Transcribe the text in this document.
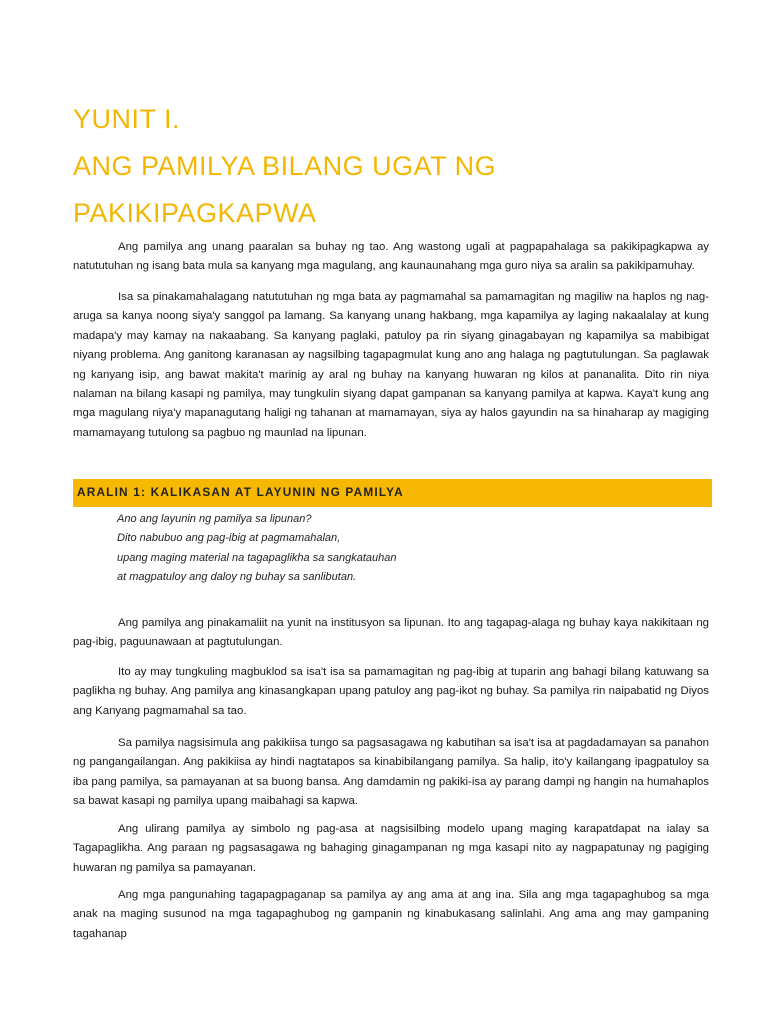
YUNIT I.
ANG PAMILYA BILANG UGAT NG
PAKIKIPAGKAPWA

Ang pamilya ang unang paaralan sa buhay ng tao. Ang wastong ugali at pagpapahalaga sa pakikipagkapwa ay natututuhan ng isang bata mula sa kanyang mga magulang, ang kaunaunahang mga guro niya sa aralin sa pakikipamuhay.

Isa sa pinakamahalagang natututuhan ng mga bata ay pagmamahal sa pamamagitan ng magiliw na haplos ng nag-aruga sa kanya noong siya'y sanggol pa lamang. Sa kanyang unang hakbang, mga kapamilya ay laging nakaalalay at kung madapa'y may kamay na nakaabang. Sa kanyang paglaki, patuloy pa rin siyang ginagabayan ng kapamilya sa mabibigat niyang problema. Ang ganitong karanasan ay nagsilbing tagapagmulat kung ano ang halaga ng pagtutulungan. Sa paglawak ng kanyang isip, ang bawat makita't marinig ay aral ng buhay na kanyang huwaran ng kilos at pananalita. Dito rin niya nalaman na bilang kasapi ng pamilya, may tungkulin siyang dapat gampanan sa kanyang pamilya at kapwa. Kaya't kung ang mga magulang niya'y mapanagutang haligi ng tahanan at mamamayan, siya ay halos gayundin na sa hinaharap ay magiging mamamayang tutulong sa pagbuo ng maunlad na lipunan.

ARALIN 1: KALIKASAN AT LAYUNIN NG PAMILYA
Ano ang layunin ng pamilya sa lipunan?
Dito nabubuo ang pag-ibig at pagmamahalan,
upang maging material na tagapaglikha sa sangkatauhan
at magpatuloy ang daloy ng buhay sa sanlibutan.

Ang pamilya ang pinakamaliit na yunit na institusyon sa lipunan. Ito ang tagapag-alaga ng buhay kaya nakikitaan ng pag-ibig, paguunawaan at pagtutulungan.

Ito ay may tungkuling magbuklod sa isa't isa sa pamamagitan ng pag-ibig at tuparin ang bahagi bilang katuwang sa paglikha ng buhay. Ang pamilya ang kinasangkapan upang patuloy ang pag-ikot ng buhay. Sa pamilya rin naipabatid ng Diyos ang Kanyang pagmamahal sa tao.

Sa pamilya nagsisimula ang pakikiisa tungo sa pagsasagawa ng kabutihan sa isa't isa at pagdadamayan sa panahon ng pangangailangan. Ang pakikiisa ay hindi nagtatapos sa kinabibilangang pamilya. Sa halip, ito'y kailangang ipagpatuloy sa iba pang pamilya, sa pamayanan at sa buong bansa. Ang damdamin ng pakiki-isa ay parang dampi ng hangin na humahaplos sa bawat kasapi ng pamilya upang maibahagi sa kapwa.

Ang ulirang pamilya ay simbolo ng pag-asa at nagsisilbing modelo upang maging karapatdapat na ialay sa Tagapaglikha. Ang paraan ng pagsasagawa ng bahaging ginagampanan ng mga kasapi nito ay nagpapatunay ng pagiging huwaran ng pamilya sa pamayanan.

Ang mga pangunahing tagapagpaganap sa pamilya ay ang ama at ang ina. Sila ang mga tagapaghubog sa mga anak na maging susunod na mga tagapaghubog ng gampanin ng kinabukasang salinlahi. Ang ama ang may gampaning tagahanap
